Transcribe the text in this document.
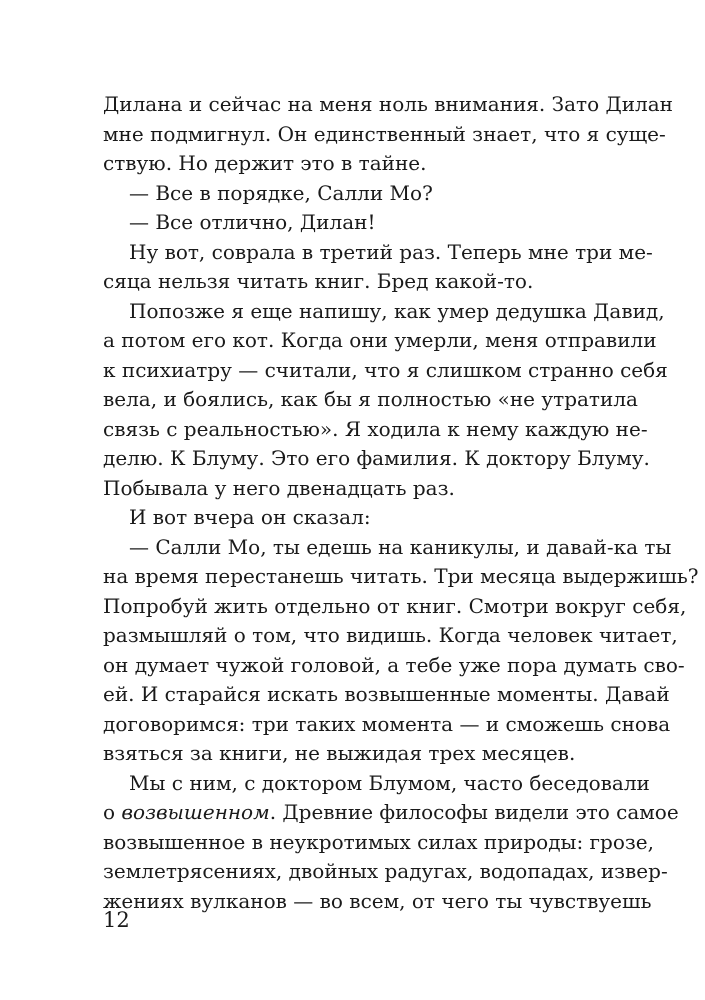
Дилана и сейчас на меня ноль внимания. Зато Дилан
мне подмигнул. Он единственный знает, что я суще-
ствую. Но держит это в тайне.
— Все в порядке, Салли Мо?
— Все отлично, Дилан!
Ну вот, соврала в третий раз. Теперь мне три ме-
сяца нельзя читать книг. Бред какой-то.
Попозже я еще напишу, как умер дедушка Давид,
а потом его кот. Когда они умерли, меня отправили
к психиатру — считали, что я слишком странно себя
вела, и боялись, как бы я полностью «не утратила
связь с реальностью». Я ходила к нему каждую не-
делю. К Блуму. Это его фамилия. К доктору Блуму.
Побывала у него двенадцать раз.
И вот вчера он сказал:
— Салли Мо, ты едешь на каникулы, и давай-ка ты
на время перестанешь читать. Три месяца выдержишь?
Попробуй жить отдельно от книг. Смотри вокруг себя,
размышляй о том, что видишь. Когда человек читает,
он думает чужой головой, а тебе уже пора думать сво-
ей. И старайся искать возвышенные моменты. Давай
договоримся: три таких момента — и сможешь снова
взяться за книги, не выжидая трех месяцев.
Мы с ним, с доктором Блумом, часто беседовали
о возвышенном. Древние философы видели это самое
возвышенное в неукротимых силах природы: грозе,
землетрясениях, двойных радугах, водопадах, извер-
жениях вулканов — во всем, от чего ты чувствуешь
12
